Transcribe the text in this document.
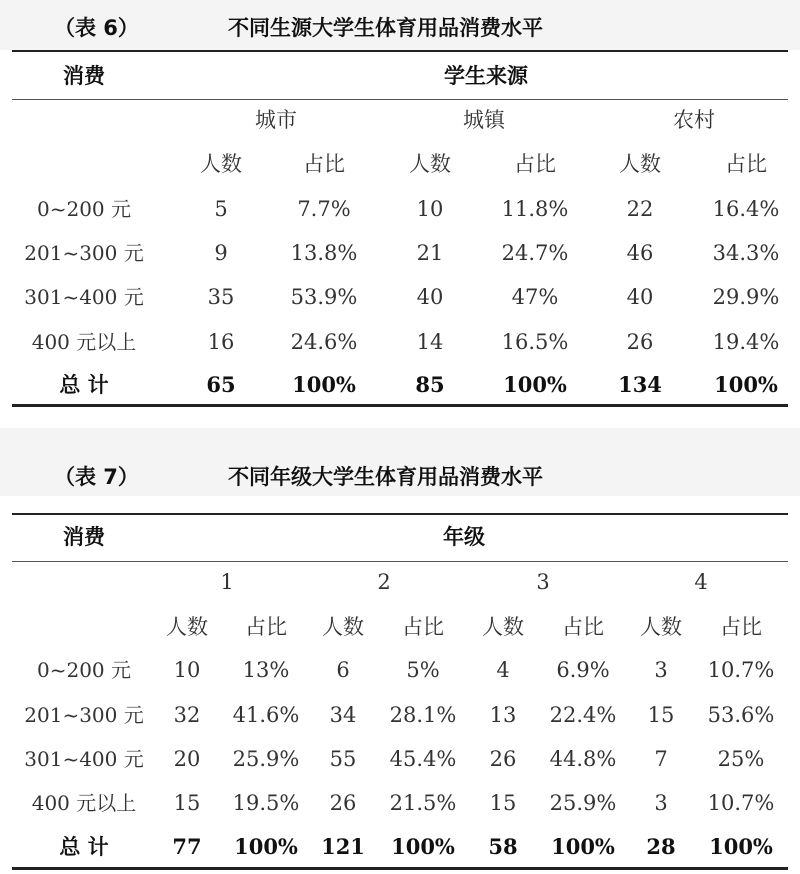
（表 6）	不同生源大学生体育用品消费水平
消费	学生来源
城市	城镇	农村
人数	占比	人数	占比	人数	占比
0~200 元	5	7.7%	10	11.8%	22	16.4%
201~300 元	9	13.8%	21	24.7%	46	34.3%
301~400 元	35	53.9%	40	47%	40	29.9%
400 元以上	16	24.6%	14	16.5%	26	19.4%
总 计	65	100%	85	100% 134 100%
（表 7）	不同年级大学生体育用品消费水平
消费	年级
1	2	3	4
人数 占比 人数 占比 人数 占比 人数 占比
0~200 元 10 13% 6	5%	4 6.9% 3 10.7%
201~300 元 32 41.6% 34 28.1% 13 22.4% 15 53.6%
301~400 元 20 25.9% 55 45.4% 26 44.8% 7 25%
400 元以上 15 19.5% 26 21.5% 15 25.9% 3 10.7%
总 计	77 100% 121 100% 58 100% 28 100%
